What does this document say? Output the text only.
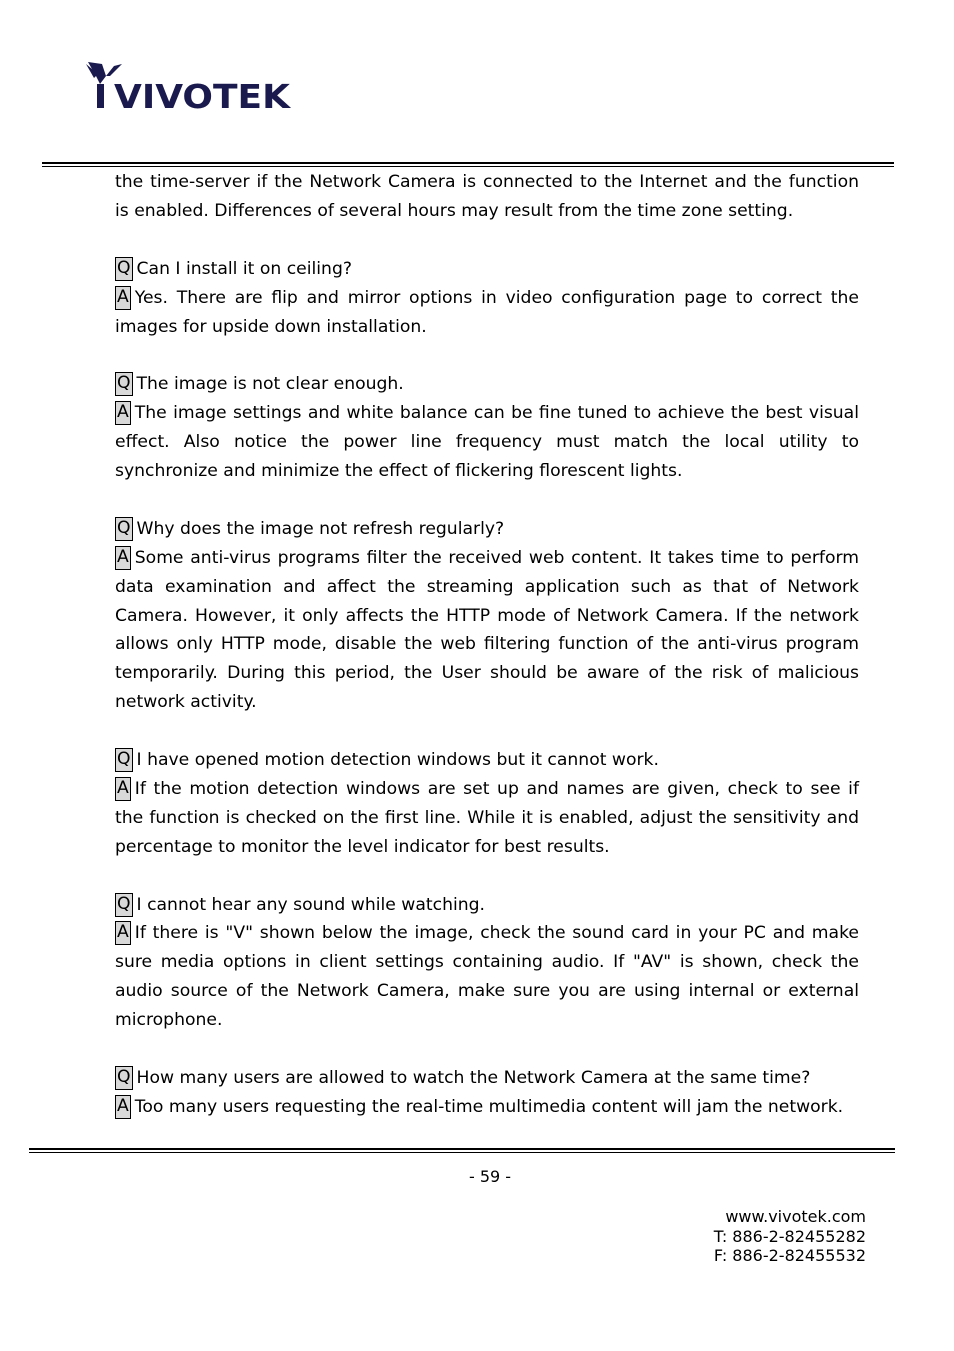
VIVOTEK

the time-server if the Network Camera is connected to the Internet and the function is enabled. Differences of several hours may result from the time zone setting.

Q Can I install it on ceiling?

A Yes. There are flip and mirror options in video configuration page to correct the images for upside down installation.

Q The image is not clear enough.

A The image settings and white balance can be fine tuned to achieve the best visual effect. Also notice the power line frequency must match the local utility to synchronize and minimize the effect of flickering florescent lights.

Q Why does the image not refresh regularly?

A Some anti-virus programs filter the received web content. It takes time to perform data examination and affect the streaming application such as that of Network Camera. However, it only affects the HTTP mode of Network Camera. If the network allows only HTTP mode, disable the web filtering function of the anti-virus program temporarily. During this period, the User should be aware of the risk of malicious network activity.

Q I have opened motion detection windows but it cannot work.

A If the motion detection windows are set up and names are given, check to see if the function is checked on the first line. While it is enabled, adjust the sensitivity and percentage to monitor the level indicator for best results.

Q I cannot hear any sound while watching.

A If there is "V" shown below the image, check the sound card in your PC and make sure media options in client settings containing audio. If "AV" is shown, check the audio source of the Network Camera, make sure you are using internal or external microphone.

Q How many users are allowed to watch the Network Camera at the same time?

A Too many users requesting the real-time multimedia content will jam the network.

- 59 -
www.vivotek.com
T: 886-2-82455282
F: 886-2-82455532
